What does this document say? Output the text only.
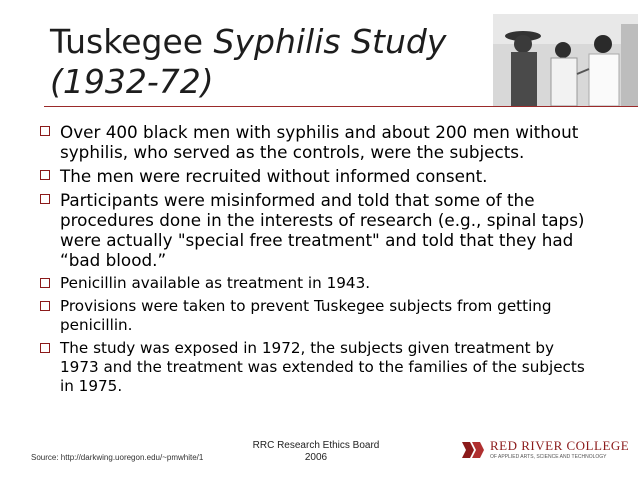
Tuskegee Syphilis Study
(1932-72)
Over 400 black men with syphilis and about 200 men without syphilis, who served as the controls, were the subjects.
The men were recruited without informed consent.
Participants were misinformed and told that some of the procedures done in the interests of research (e.g., spinal taps) were actually "special free treatment" and told that they had “bad blood.”
Penicillin available as treatment in 1943.
Provisions were taken to prevent Tuskegee subjects from getting penicillin.
The study was exposed in 1972, the subjects given treatment by 1973 and the treatment was extended to the families of the subjects in 1975.
Source: http://darkwing.uoregon.edu/~pmwhite/1
RRC Research Ethics Board
2006
RED RIVER COLLEGE
OF APPLIED ARTS, SCIENCE AND TECHNOLOGY
